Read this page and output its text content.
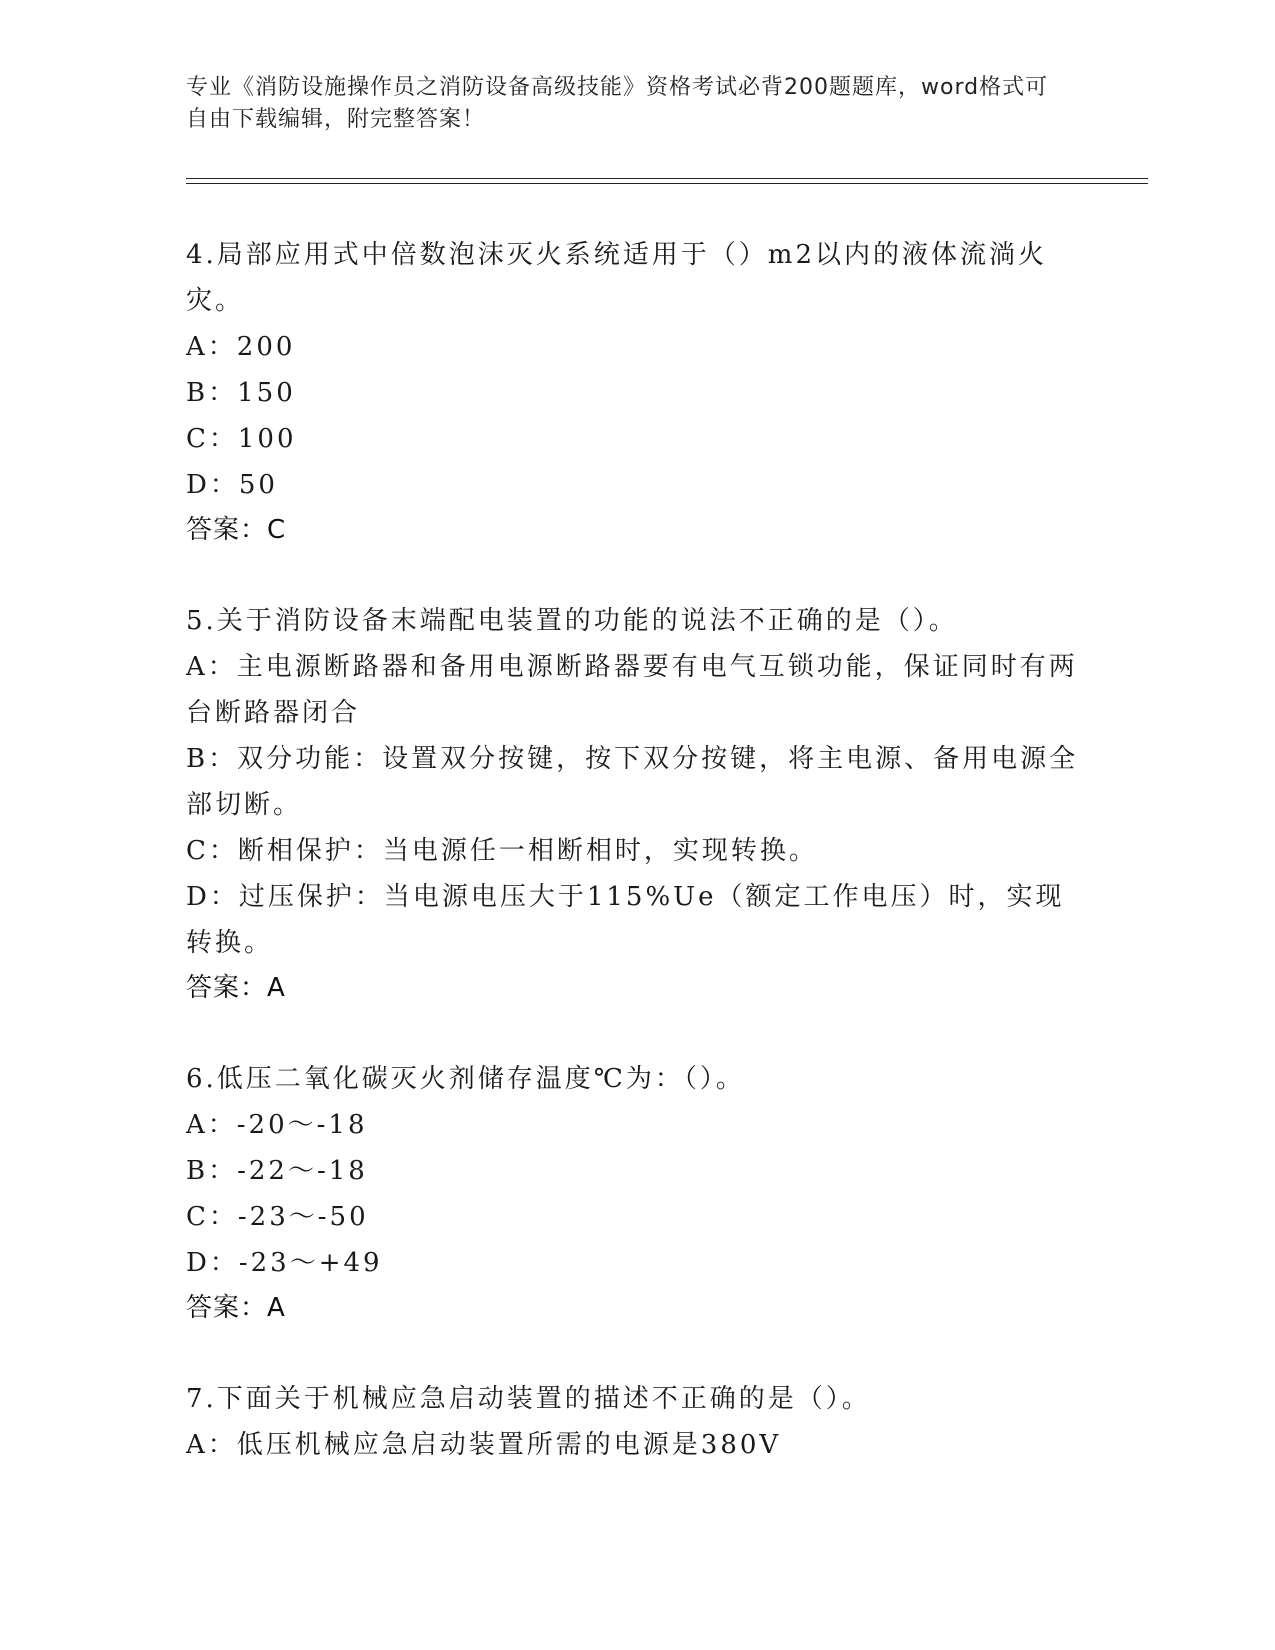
专业《消防设施操作员之消防设备高级技能》资格考试必背200题题库，word格式可自由下载编辑，附完整答案！
4.局部应用式中倍数泡沫灭火系统适用于（）m2以内的液体流淌火灾。
A：200
B：150
C：100
D：50
答案：C
5.关于消防设备末端配电装置的功能的说法不正确的是（）。
A：主电源断路器和备用电源断路器要有电气互锁功能，保证同时有两台断路器闭合
B：双分功能：设置双分按键，按下双分按键，将主电源、备用电源全部切断。
C：断相保护：当电源任一相断相时，实现转换。
D：过压保护：当电源电压大于115%Ue（额定工作电压）时，实现转换。
答案：A
6.低压二氧化碳灭火剂储存温度℃为：（）。
A：-20～-18
B：-22～-18
C：-23～-50
D：-23～+49
答案：A
7.下面关于机械应急启动装置的描述不正确的是（）。
A：低压机械应急启动装置所需的电源是380V
